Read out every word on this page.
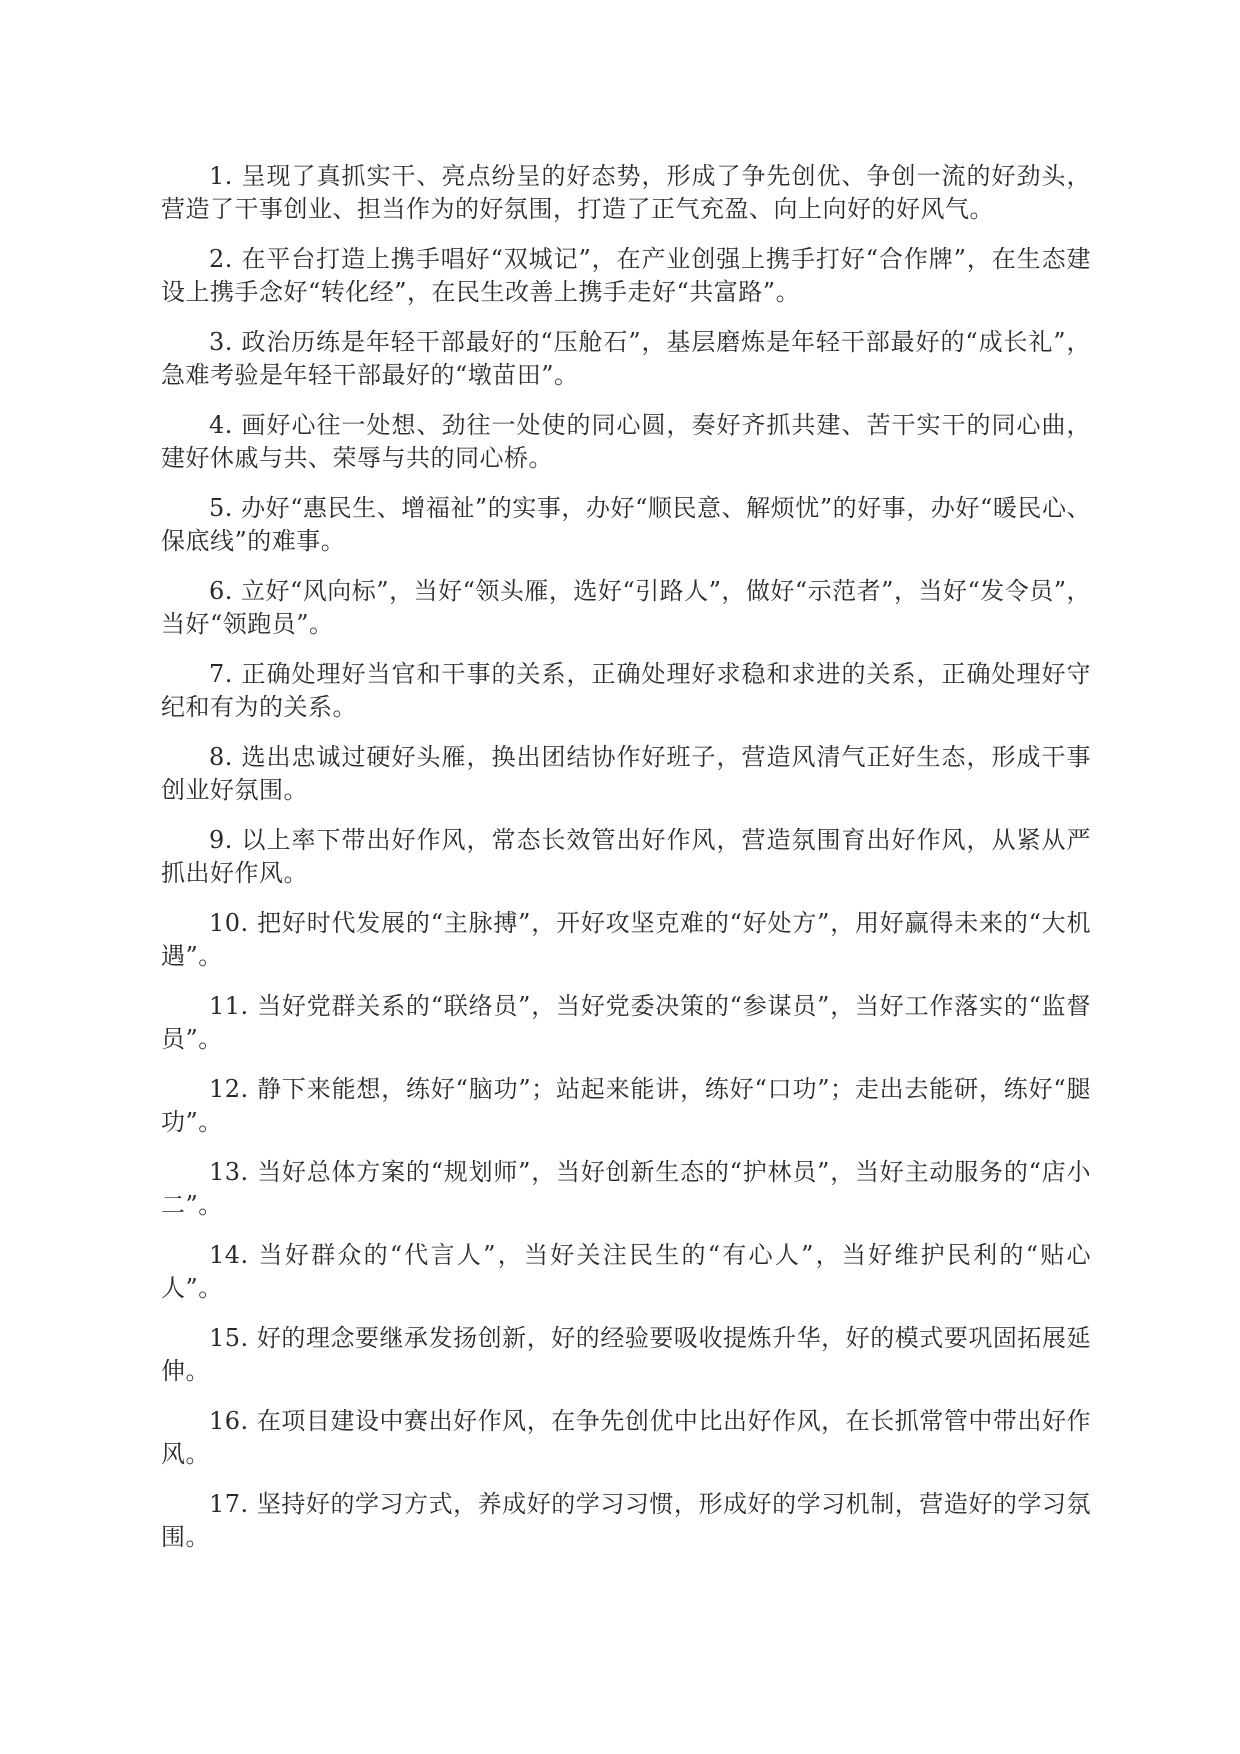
1. 呈现了真抓实干、亮点纷呈的好态势，形成了争先创优、争创一流的好劲头，营造了干事创业、担当作为的好氛围，打造了正气充盈、向上向好的好风气。

2. 在平台打造上携手唱好“双城记”，在产业创强上携手打好“合作牌”，在生态建设上携手念好“转化经”，在民生改善上携手走好“共富路”。

3. 政治历练是年轻干部最好的“压舱石”，基层磨炼是年轻干部最好的“成长礼”，急难考验是年轻干部最好的“墩苗田”。

4. 画好心往一处想、劲往一处使的同心圆，奏好齐抓共建、苦干实干的同心曲，建好休戚与共、荣辱与共的同心桥。

5. 办好“惠民生、增福祉”的实事，办好“顺民意、解烦忧”的好事，办好“暖民心、保底线”的难事。

6. 立好“风向标”，当好“领头雁，选好“引路人”，做好“示范者”，当好“发令员”，当好“领跑员”。

7. 正确处理好当官和干事的关系，正确处理好求稳和求进的关系，正确处理好守纪和有为的关系。

8. 选出忠诚过硬好头雁，换出团结协作好班子，营造风清气正好生态，形成干事创业好氛围。

9. 以上率下带出好作风，常态长效管出好作风，营造氛围育出好作风，从紧从严抓出好作风。

10. 把好时代发展的“主脉搏”，开好攻坚克难的“好处方”，用好赢得未来的“大机遇”。

11. 当好党群关系的“联络员”，当好党委决策的“参谋员”，当好工作落实的“监督员”。

12. 静下来能想，练好“脑功”；站起来能讲，练好“口功”；走出去能研，练好“腿功”。

13. 当好总体方案的“规划师”，当好创新生态的“护林员”，当好主动服务的“店小二”。

14. 当好群众的“代言人”，当好关注民生的“有心人”，当好维护民利的“贴心人”。

15. 好的理念要继承发扬创新，好的经验要吸收提炼升华，好的模式要巩固拓展延伸。

16. 在项目建设中赛出好作风，在争先创优中比出好作风，在长抓常管中带出好作风。

17. 坚持好的学习方式，养成好的学习习惯，形成好的学习机制，营造好的学习氛围。
